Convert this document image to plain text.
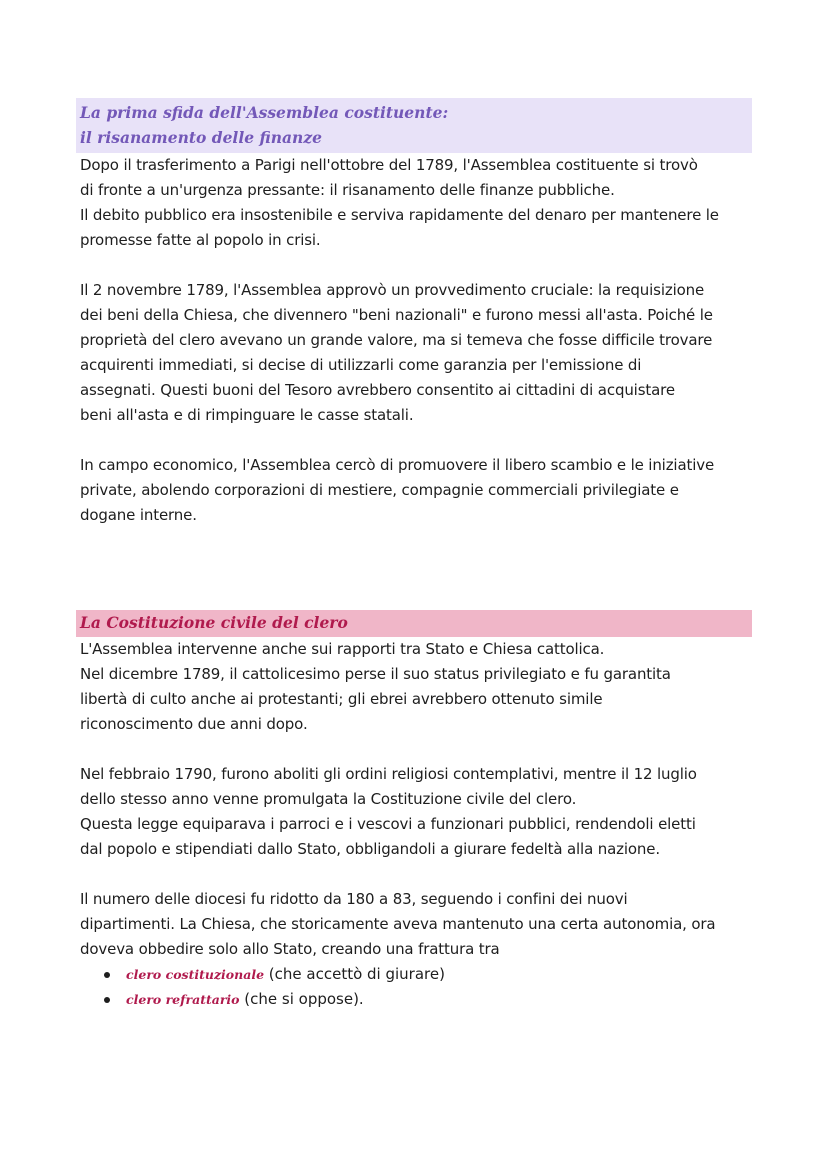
La prima sfida dell'Assemblea costituente:
il risanamento delle finanze

Dopo il trasferimento a Parigi nell'ottobre del 1789, l'Assemblea costituente si trovò
di fronte a un'urgenza pressante: il risanamento delle finanze pubbliche.
Il debito pubblico era insostenibile e serviva rapidamente del denaro per mantenere le
promesse fatte al popolo in crisi.

Il 2 novembre 1789, l'Assemblea approvò un provvedimento cruciale: la requisizione
dei beni della Chiesa, che divennero "beni nazionali" e furono messi all'asta. Poiché le
proprietà del clero avevano un grande valore, ma si temeva che fosse difficile trovare
acquirenti immediati, si decise di utilizzarli come garanzia per l'emissione di
assegnati. Questi buoni del Tesoro avrebbero consentito ai cittadini di acquistare
beni all'asta e di rimpinguare le casse statali.

In campo economico, l'Assemblea cercò di promuovere il libero scambio e le iniziative
private, abolendo corporazioni di mestiere, compagnie commerciali privilegiate e
dogane interne.

La Costituzione civile del clero

L'Assemblea intervenne anche sui rapporti tra Stato e Chiesa cattolica.
Nel dicembre 1789, il cattolicesimo perse il suo status privilegiato e fu garantita
libertà di culto anche ai protestanti; gli ebrei avrebbero ottenuto simile
riconoscimento due anni dopo.

Nel febbraio 1790, furono aboliti gli ordini religiosi contemplativi, mentre il 12 luglio
dello stesso anno venne promulgata la Costituzione civile del clero.
Questa legge equiparava i parroci e i vescovi a funzionari pubblici, rendendoli eletti
dal popolo e stipendiati dallo Stato, obbligandoli a giurare fedeltà alla nazione.

Il numero delle diocesi fu ridotto da 180 a 83, seguendo i confini dei nuovi
dipartimenti. La Chiesa, che storicamente aveva mantenuto una certa autonomia, ora
doveva obbedire solo allo Stato, creando una frattura tra

clero costituzionale (che accettò di giurare)
clero refrattario (che si oppose).
